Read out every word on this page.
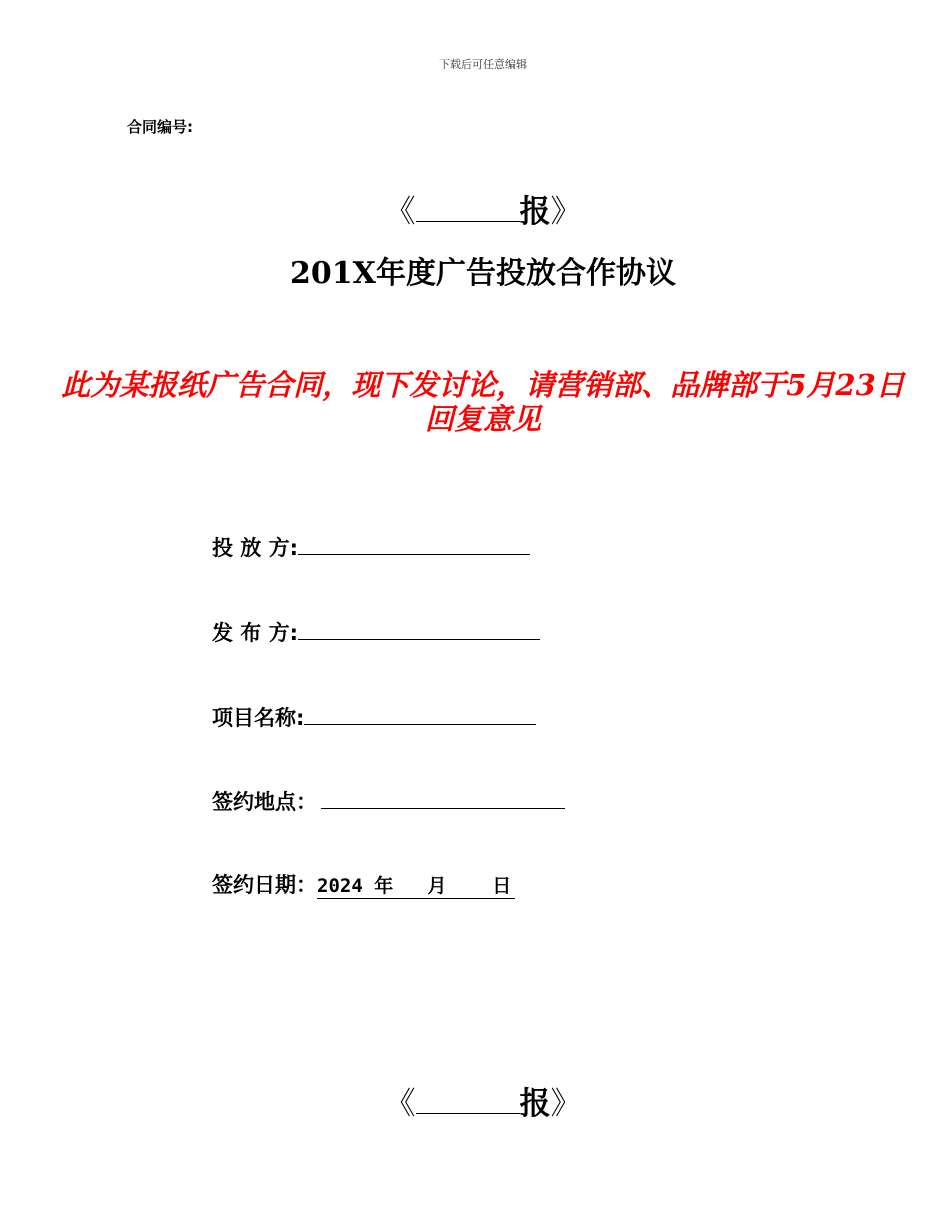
下载后可任意编辑
合同编号:
《	报》
201X年度广告投放合作协议
此为某报纸广告合同，现下发讨论，请营销部、品牌部于5月23日回复意见
投 放 方:
发 布 方:
项目名称:
签约地点：
签约日期：2024 年   月    日
《	报》
